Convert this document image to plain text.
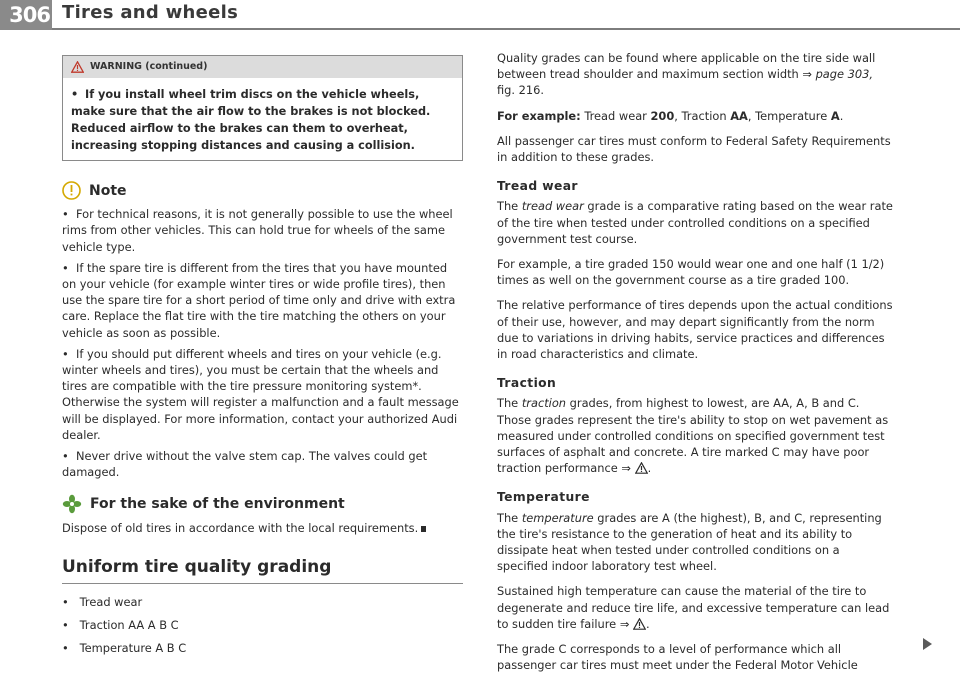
306 Tires and wheels
WARNING (continued)
• If you install wheel trim discs on the vehicle wheels, make sure that the air flow to the brakes is not blocked. Reduced airflow to the brakes can them to overheat, increasing stopping distances and causing a collision.
Note

• For technical reasons, it is not generally possible to use the wheel rims from other vehicles. This can hold true for wheels of the same vehicle type.

• If the spare tire is different from the tires that you have mounted on your vehicle (for example winter tires or wide profile tires), then use the spare tire for a short period of time only and drive with extra care. Replace the flat tire with the tire matching the others on your vehicle as soon as possible.

• If you should put different wheels and tires on your vehicle (e.g. winter wheels and tires), you must be certain that the wheels and tires are compatible with the tire pressure monitoring system*. Otherwise the system will register a malfunction and a fault message will be displayed. For more information, contact your authorized Audi dealer.

• Never drive without the valve stem cap. The valves could get damaged.

For the sake of the environment

Dispose of old tires in accordance with the local requirements.

Uniform tire quality grading

• Tread wear

• Traction AA A B C

• Temperature A B C

Quality grades can be found where applicable on the tire side wall between tread shoulder and maximum section width ⇒ page 303, fig. 216.

For example: Tread wear 200, Traction AA, Temperature A.

All passenger car tires must conform to Federal Safety Requirements in addition to these grades.

Tread wear

The tread wear grade is a comparative rating based on the wear rate of the tire when tested under controlled conditions on a specified government test course.

For example, a tire graded 150 would wear one and one half (1 1/2) times as well on the government course as a tire graded 100.

The relative performance of tires depends upon the actual conditions of their use, however, and may depart significantly from the norm due to variations in driving habits, service practices and differences in road characteristics and climate.

Traction

The traction grades, from highest to lowest, are AA, A, B and C. Those grades represent the tire's ability to stop on wet pavement as measured under controlled conditions on specified government test surfaces of asphalt and concrete. A tire marked C may have poor traction performance ⇒ .

Temperature

The temperature grades are A (the highest), B, and C, representing the tire's resistance to the generation of heat and its ability to dissipate heat when tested under controlled conditions on a specified indoor laboratory test wheel.

Sustained high temperature can cause the material of the tire to degenerate and reduce tire life, and excessive temperature can lead to sudden tire failure ⇒ .

The grade C corresponds to a level of performance which all passenger car tires must meet under the Federal Motor Vehicle
